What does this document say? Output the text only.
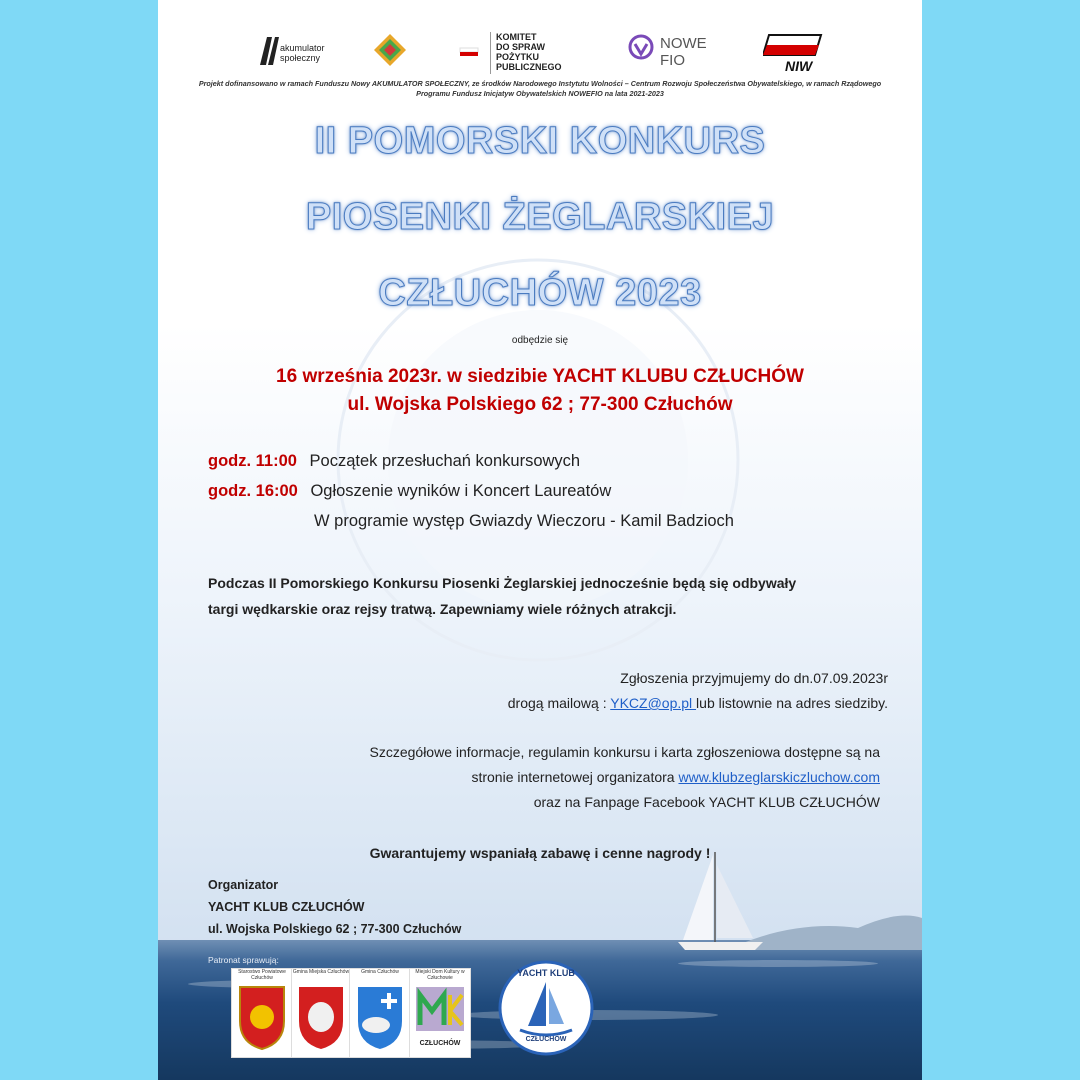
akumulator
społeczny
KOMITET
DO SPRAW
POŻYTKU
PUBLICZNEGO
NOWE
FIO	NIW
Projekt dofinansowano w ramach Funduszu Nowy AKUMULATOR SPOŁECZNY, ze środków Narodowego Instytutu Wolności – Centrum Rozwoju Społeczeństwa Obywatelskiego, w ramach Rządowego Programu Fundusz Inicjatyw Obywatelskich NOWEFIO na lata 2021-2023
II POMORSKI KONKURS
PIOSENKI ŻEGLARSKIEJ
CZŁUCHÓW 2023
odbędzie się
16 września 2023r. w siedzibie YACHT KLUBU CZŁUCHÓW
ul. Wojska Polskiego 62 ; 77-300 Człuchów
godz. 11:00 Początek przesłuchań konkursowych
godz. 16:00 Ogłoszenie wyników i Koncert Laureatów
W programie występ Gwiazdy Wieczoru - Kamil Badzioch
Podczas II Pomorskiego Konkursu Piosenki Żeglarskiej jednocześnie będą się odbywały
targi wędkarskie oraz rejsy tratwą. Zapewniamy wiele różnych atrakcji.
Zgłoszenia przyjmujemy do dn.07.09.2023r
drogą mailową : YKCZ@op.pl lub listownie na adres siedziby.
Szczegółowe informacje, regulamin konkursu i karta zgłoszeniowa dostępne są na
stronie internetowej organizatora www.klubzeglarskiczluchow.com
oraz na Fanpage Facebook YACHT KLUB CZŁUCHÓW
Gwarantujemy wspaniałą zabawę i cenne nagrody !
Organizator
YACHT KLUB CZŁUCHÓW
ul. Wojska Polskiego 62 ; 77-300 Człuchów
Patronat sprawują:
Starostwo Powiatowe Człuchów
Gmina Miejska Człuchów	Gmina Człuchów	Miejski Dom Kultury w Człuchowie
CZŁUCHÓW
YACHT KLUB
CZŁUCHÓW
